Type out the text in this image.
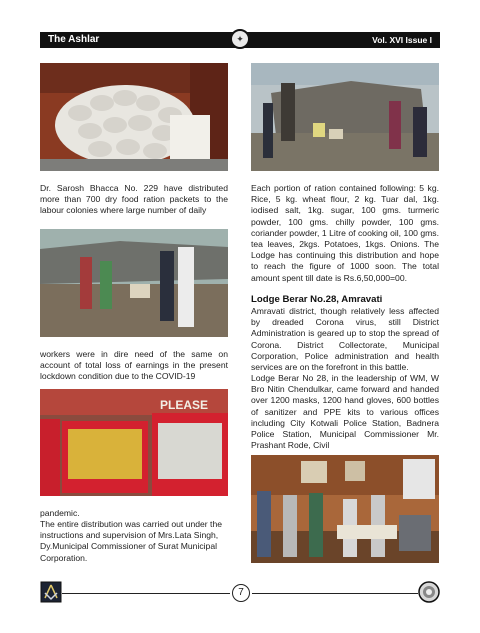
The Ashlar	Vol. XVI Issue I
✦
Dr. Sarosh Bhacca No. 229 have distributed more than 700 dry food ration packets to the labour colonies where large number of daily
workers were in dire need of the same on account of total loss of earnings in the present lockdown condition due to the COVID-19
PLEASE
pandemic.
The entire distribution was carried out under the instructions and supervision of Mrs.Lata Singh, Dy.Municipal Commissioner of Surat Municipal Corporation.
Each portion of ration contained following: 5 kg. Rice, 5 kg. wheat flour, 2 kg. Tuar dal, 1kg. iodised salt, 1kg. sugar, 100 gms. turmeric powder, 100 gms. chilly powder, 100 gms. coriander powder, 1 Litre of cooking oil, 100 gms. tea leaves, 2kgs. Potatoes, 1kgs. Onions. The Lodge has continuing this distribution and hope to reach the figure of 1000 soon. The total amount spent till date is Rs.6,50,000=00.
Lodge Berar No.28, Amravati
Amravati district, though relatively less affected by dreaded Corona virus, still District Administration is geared up to stop the spread of Corona. District Collectorate, Municipal Corporation, Police administration and health services are on the forefront in this battle.
Lodge Berar No 28, in the leadership of WM, W Bro Nitin Chendulkar, came forward and handed over 1200 masks, 1200 hand gloves, 600 bottles of sanitizer and PPE kits to various offices including City Kotwali Police Station, Badnera Police Station, Municipal Commissioner Mr. Prashant Rode, Civil
7
